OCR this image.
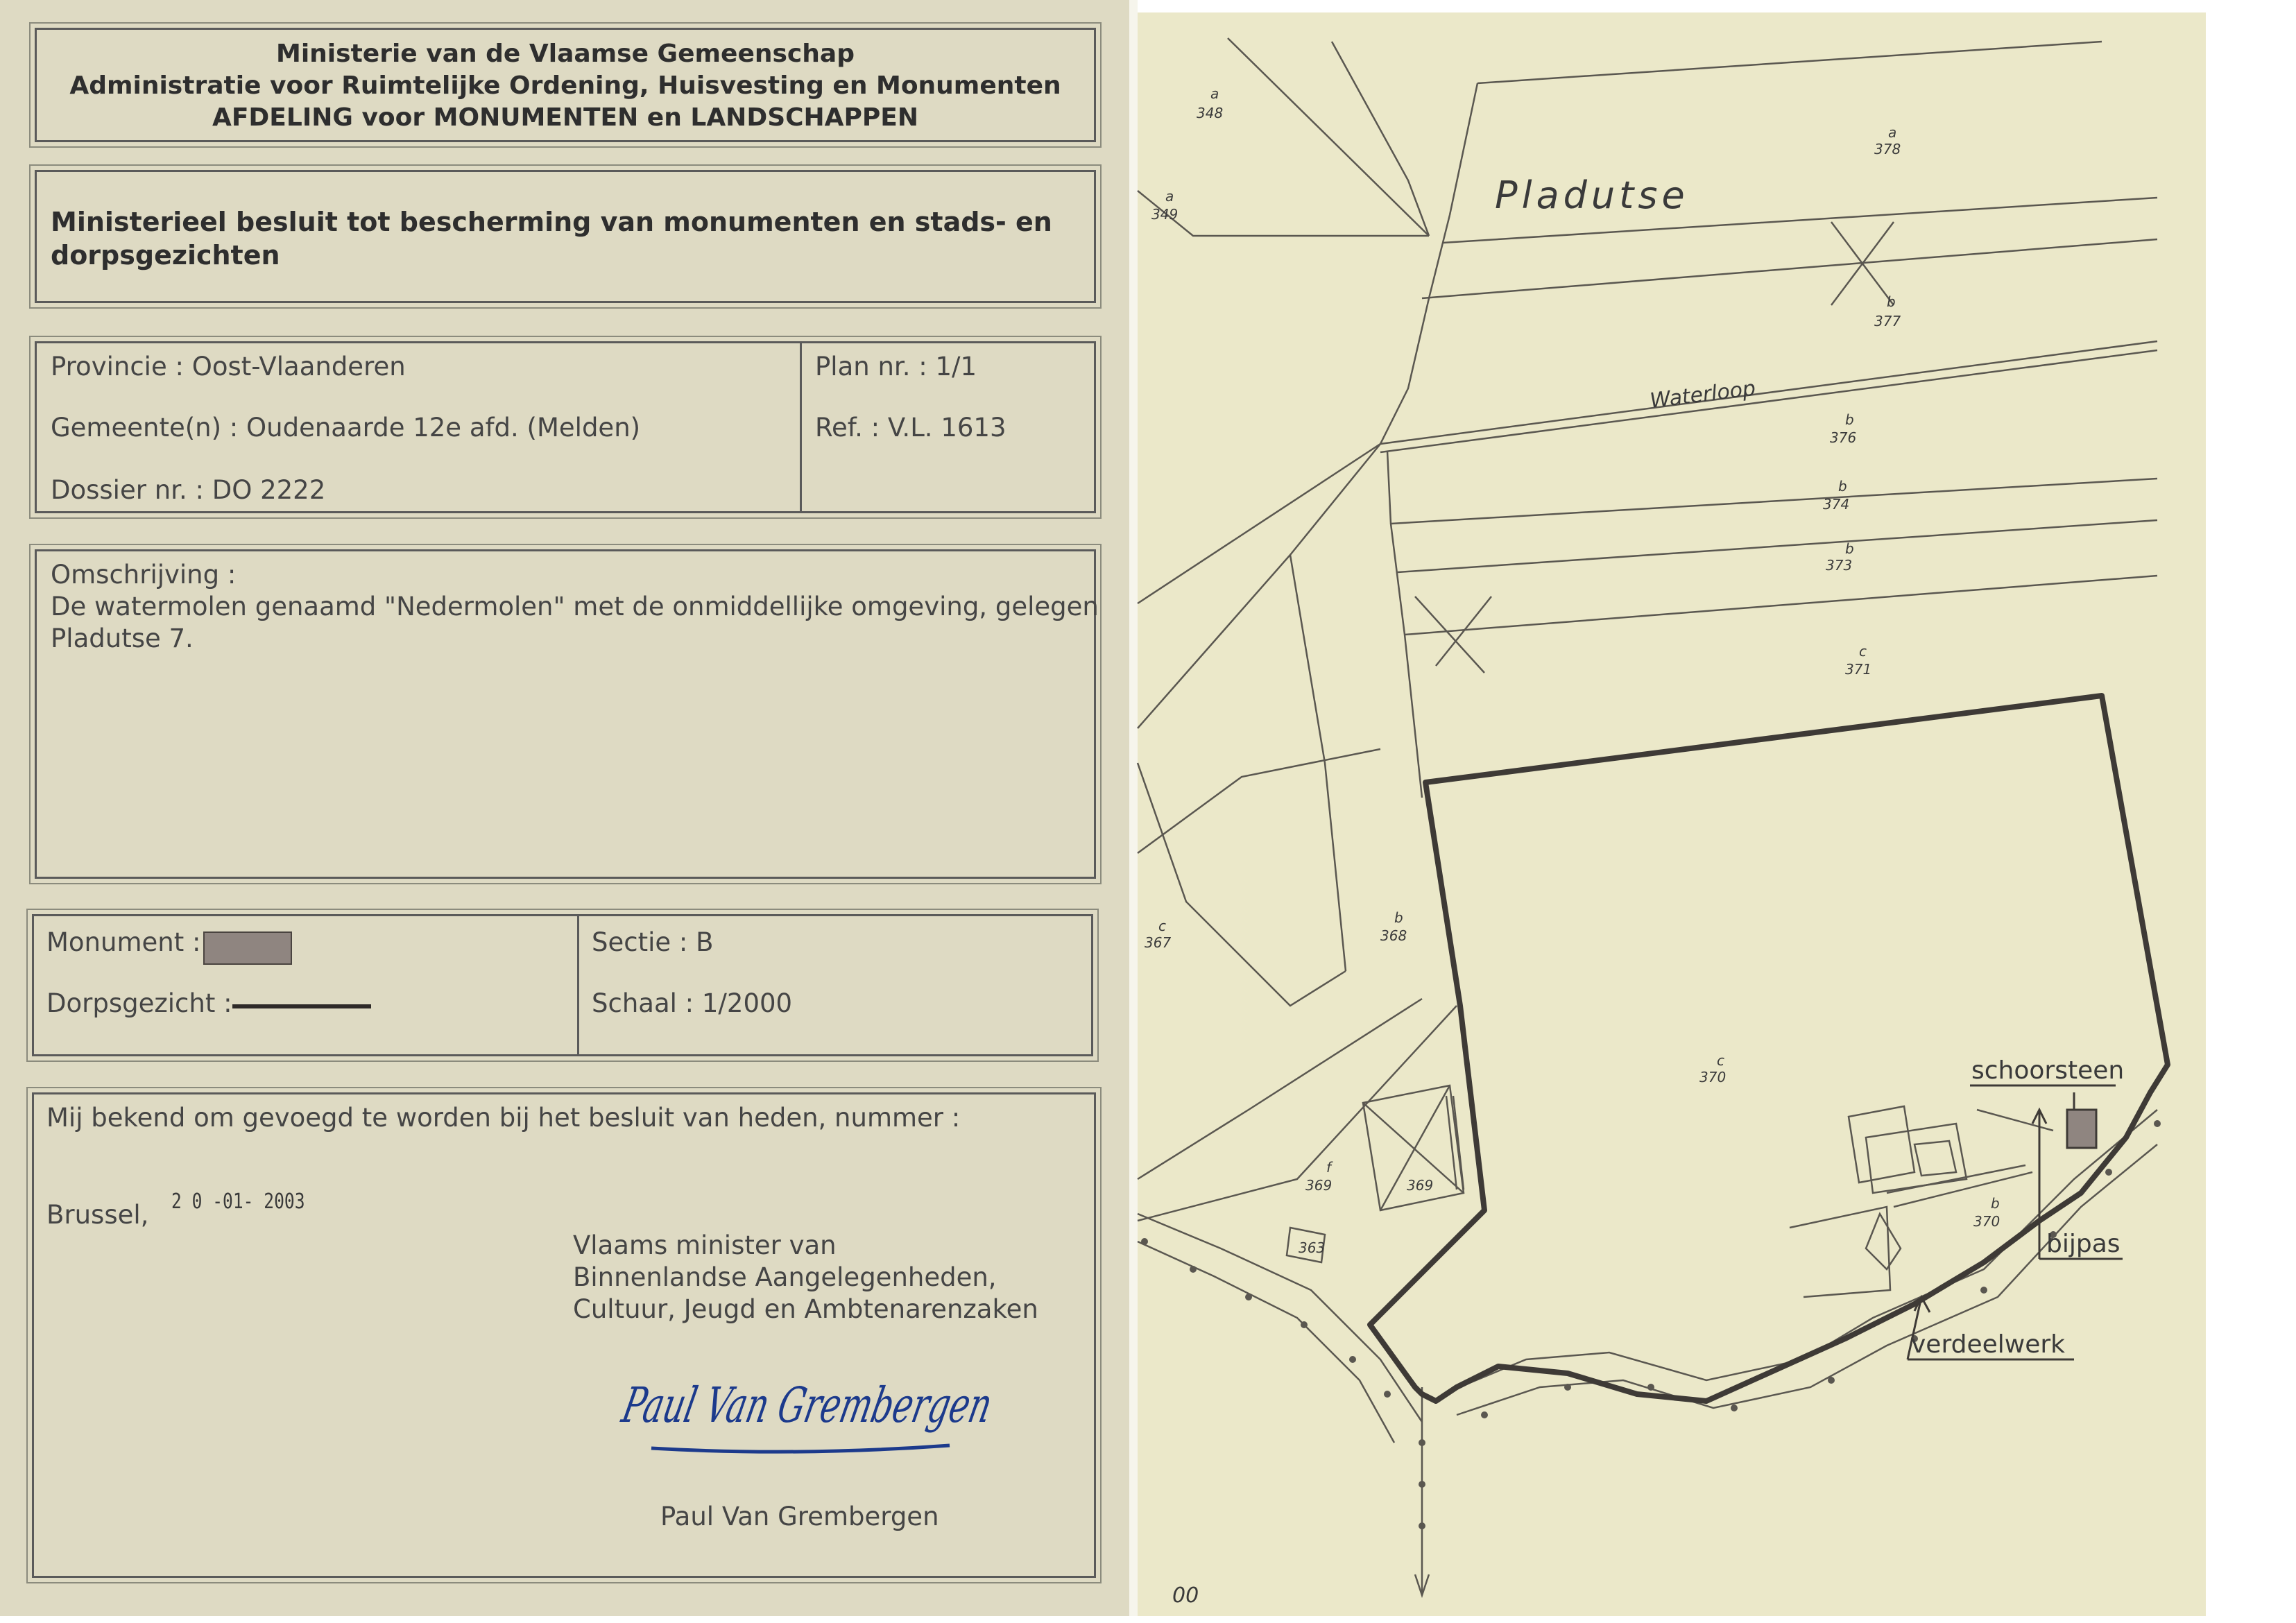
Ministerie van de Vlaamse Gemeenschap
Administratie voor Ruimtelijke Ordening, Huisvesting en Monumenten
AFDELING voor MONUMENTEN en LANDSCHAPPEN
Ministerieel besluit tot bescherming van monumenten en stads- en
dorpsgezichten
Provincie : Oost-Vlaanderen
Gemeente(n) : Oudenaarde 12e afd. (Melden)
Dossier nr. : DO 2222
Plan nr. : 1/1
Ref. : V.L. 1613
Omschrijving :
De watermolen genaamd "Nedermolen" met de onmiddellijke omgeving, gelegen
Pladutse 7.
Monument :
Dorpsgezicht :
Sectie : B
Schaal : 1/2000
Mij bekend om gevoegd te worden bij het besluit van heden, nummer :
Brussel, 2 0 -01- 2003
Vlaams minister van
Binnenlandse Aangelegenheden,
Cultuur, Jeugd en Ambtenarenzaken
Paul Van Grembergen
Paul Van Grembergen
Pladutse
Waterloop
schoorsteen
bijpas
verdeelwerk
00
a
348
a
349
a
378
b
377
b
376
b
374
b
373
c
371
c
367
b
368
c
370
f
369	369
363
b
370
